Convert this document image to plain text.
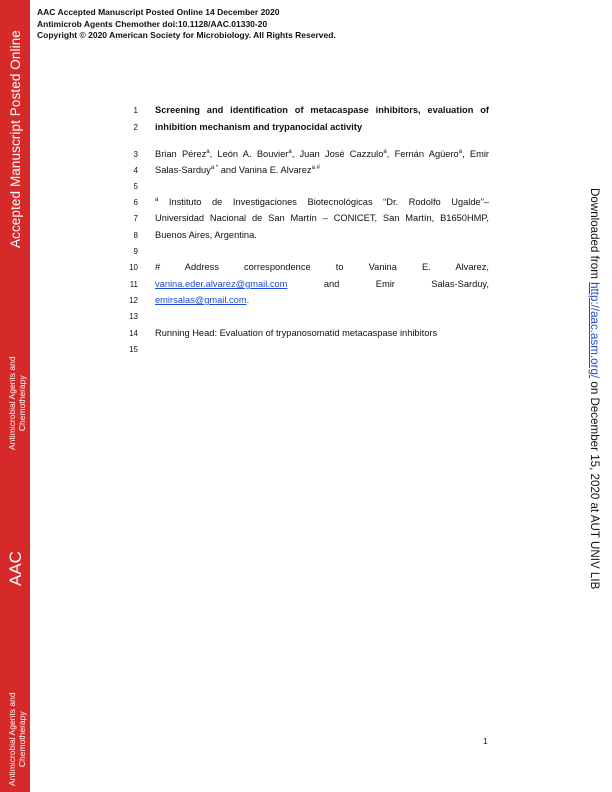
Accepted Manuscript Posted Online
Antimicrobial Agents and Chemotherapy
AAC
Antimicrobial Agents and Chemotherapy
AAC Accepted Manuscript Posted Online 14 December 2020
Antimicrob Agents Chemother doi:10.1128/AAC.01330-20
Copyright © 2020 American Society for Microbiology. All Rights Reserved.
1
2
3
4
5
6
7
8
9
10
11
12
13
14
15
Screening and identification of metacaspase inhibitors, evaluation of
inhibition mechanism and trypanocidal activity
Brian Pérez$^a$, León A. Bouvier$^a$, Juan José Cazzulo$^a$, Fernán Agüero$^a$, Emir
Salas-Sarduy$^{a *}$ and Vanina E. Alvarez$^{a \#}$
$^a$ Instituto de Investigaciones Biotecnológicas “Dr. Rodolfo Ugalde”–
Universidad Nacional de San Martín – CONICET, San Martín, B1650HMP,
Buenos Aires, Argentina.
# Address correspondence to Vanina E. Alvarez,
vanina.eder.alvarez@gmail.com	and Emir Salas-Sarduy,
emirsalas@gmail.com.
Running Head: Evaluation of trypanosomatid metacaspase inhibitors
Downloaded from http://aac.asm.org/ on December 15, 2020 at AUT UNIV LIB
1
